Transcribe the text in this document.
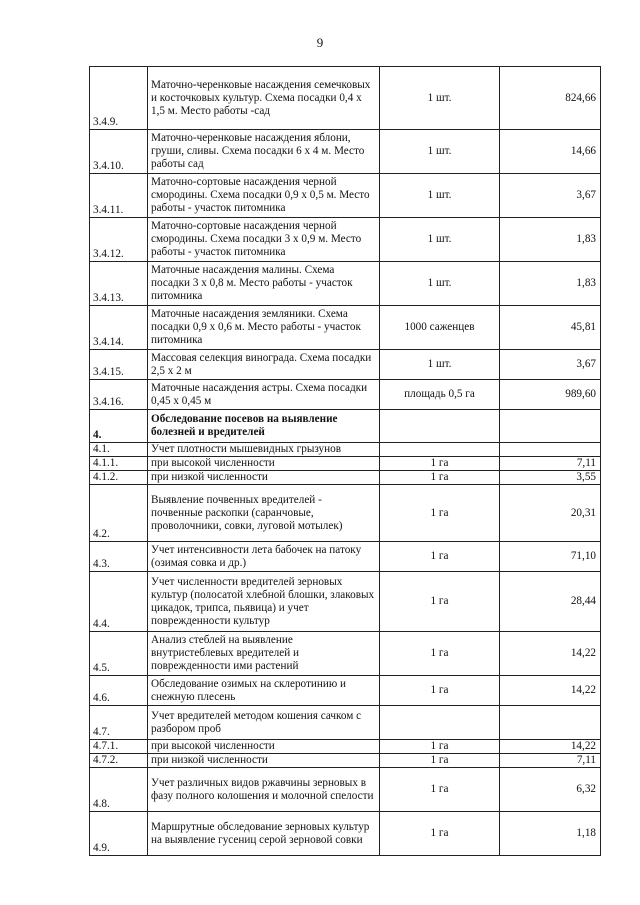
9
3.4.9.	Маточно-черенковые насаждения семечковых и косточковых культур. Схема посадки 0,4 х 1,5 м. Место работы -сад	1 шт.	824,66
3.4.10.	Маточно-черенковые насаждения яблони, груши, сливы. Схема посадки 6 х 4 м. Место работы сад	1 шт.	14,66
3.4.11.	Маточно-сортовые насаждения черной смородины. Схема посадки 0,9 х 0,5 м. Место работы - участок питомника	1 шт.	3,67
3.4.12.	Маточно-сортовые насаждения черной смородины. Схема посадки 3 х 0,9 м. Место работы - участок питомника	1 шт.	1,83
3.4.13.	Маточные насаждения малины. Схема посадки 3 х 0,8 м. Место работы - участок питомника	1 шт.	1,83
3.4.14.	Маточные насаждения земляники. Схема посадки 0,9 х 0,6 м. Место работы - участок питомника	1000 саженцев	45,81
3.4.15.	Массовая селекция винограда. Схема посадки 2,5 х 2 м	1 шт.	3,67
3.4.16.	Маточные насаждения астры. Схема посадки 0,45 х 0,45 м	площадь 0,5 га	989,60
4.	Обследование посевов на выявление болезней и вредителей		
4.1.	Учет плотности мышевидных грызунов		
4.1.1.	при высокой численности	1 га	7,11
4.1.2.	при низкой численности	1 га	3,55
4.2.	Выявление почвенных вредителей - почвенные раскопки (саранчовые, проволочники, совки, луговой мотылек)	1 га	20,31
4.3.	Учет интенсивности лета бабочек на патоку (озимая совка и др.)	1 га	71,10
4.4.	Учет численности вредителей зерновых культур (полосатой хлебной блошки, злаковых цикадок, трипса, пьявица) и учет поврежденности культур	1 га	28,44
4.5.	Анализ стеблей на выявление внутристеблевых вредителей и поврежденности ими растений	1 га	14,22
4.6.	Обследование озимых на склеротинию и снежную плесень	1 га	14,22
4.7.	Учет вредителей методом кошения сачком с разбором проб		
4.7.1.	при высокой численности	1 га	14,22
4.7.2.	при низкой численности	1 га	7,11
4.8.	Учет различных видов ржавчины зерновых в фазу полного колошения и молочной спелости	1 га	6,32
4.9.	Маршрутные обследование зерновых культур на выявление гусениц серой зерновой совки	1 га	1,18
